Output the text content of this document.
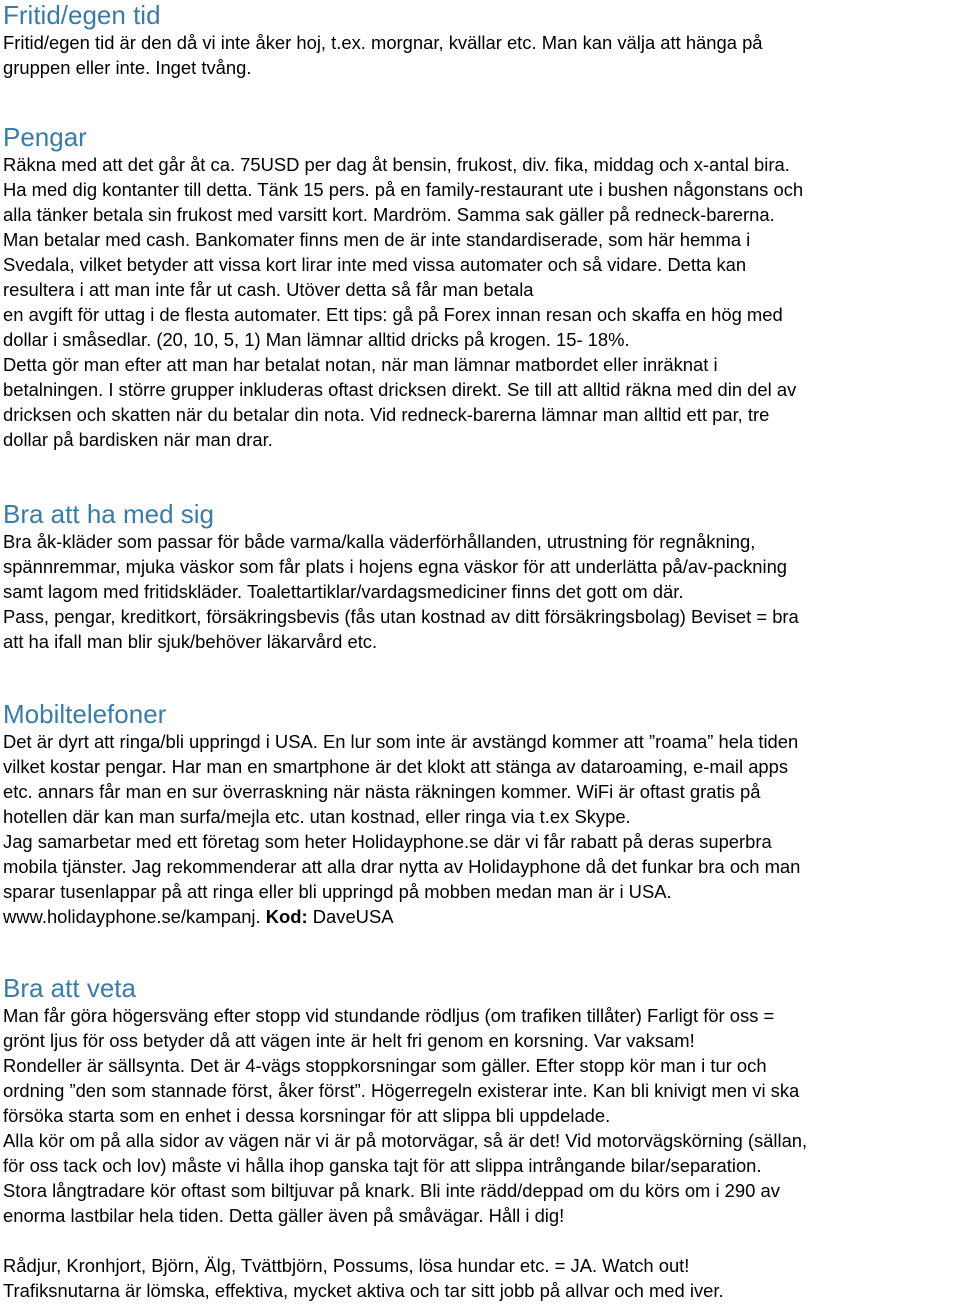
Fritid/egen tid
Fritid/egen tid är den då vi inte åker hoj, t.ex. morgnar, kvällar etc. Man kan välja att hänga på
gruppen eller inte. Inget tvång.
Pengar
Räkna med att det går åt ca. 75USD per dag åt bensin, frukost, div. fika, middag och x-antal bira.
Ha med dig kontanter till detta. Tänk 15 pers. på en family-restaurant ute i bushen någonstans och
alla tänker betala sin frukost med varsitt kort. Mardröm. Samma sak gäller på redneck-barerna.
Man betalar med cash. Bankomater finns men de är inte standardiserade, som här hemma i
Svedala, vilket betyder att vissa kort lirar inte med vissa automater och så vidare. Detta kan
resultera i att man inte får ut cash. Utöver detta så får man betala
en avgift för uttag i de flesta automater. Ett tips: gå på Forex innan resan och skaffa en hög med
dollar i småsedlar. (20, 10, 5, 1) Man lämnar alltid dricks på krogen. 15- 18%.
Detta gör man efter att man har betalat notan, när man lämnar matbordet eller inräknat i
betalningen. I större grupper inkluderas oftast dricksen direkt. Se till att alltid räkna med din del av
dricksen och skatten när du betalar din nota. Vid redneck-barerna lämnar man alltid ett par, tre
dollar på bardisken när man drar.
Bra att ha med sig
Bra åk-kläder som passar för både varma/kalla väderförhållanden, utrustning för regnåkning,
spännremmar, mjuka väskor som får plats i hojens egna väskor för att underlätta på/av-packning
samt lagom med fritidskläder. Toalettartiklar/vardagsmediciner finns det gott om där.
Pass, pengar, kreditkort, försäkringsbevis (fås utan kostnad av ditt försäkringsbolag) Beviset = bra
att ha ifall man blir sjuk/behöver läkarvård etc.
Mobiltelefoner
Det är dyrt att ringa/bli uppringd i USA. En lur som inte är avstängd kommer att ”roama” hela tiden
vilket kostar pengar. Har man en smartphone är det klokt att stänga av dataroaming, e-mail apps
etc. annars får man en sur överraskning när nästa räkningen kommer. WiFi är oftast gratis på
hotellen där kan man surfa/mejla etc. utan kostnad, eller ringa via t.ex Skype.
Jag samarbetar med ett företag som heter Holidayphone.se där vi får rabatt på deras superbra
mobila tjänster. Jag rekommenderar att alla drar nytta av Holidayphone då det funkar bra och man
sparar tusenlappar på att ringa eller bli uppringd på mobben medan man är i USA.
www.holidayphone.se/kampanj. Kod: DaveUSA
Bra att veta
Man får göra högersväng efter stopp vid stundande rödljus (om trafiken tillåter) Farligt för oss =
grönt ljus för oss betyder då att vägen inte är helt fri genom en korsning. Var vaksam!
Rondeller är sällsynta. Det är 4-vägs stoppkorsningar som gäller. Efter stopp kör man i tur och
ordning ”den som stannade först, åker först”. Högerregeln existerar inte. Kan bli knivigt men vi ska
försöka starta som en enhet i dessa korsningar för att slippa bli uppdelade.
Alla kör om på alla sidor av vägen när vi är på motorvägar, så är det! Vid motorvägskörning (sällan,
för oss tack och lov) måste vi hålla ihop ganska tajt för att slippa intrångande bilar/separation.
Stora långtradare kör oftast som biltjuvar på knark. Bli inte rädd/deppad om du körs om i 290 av
enorma lastbilar hela tiden. Detta gäller även på småvägar. Håll i dig!
Rådjur, Kronhjort, Björn, Älg, Tvättbjörn, Possums, lösa hundar etc. = JA. Watch out!
Trafiksnutarna är lömska, effektiva, mycket aktiva och tar sitt jobb på allvar och med iver.
